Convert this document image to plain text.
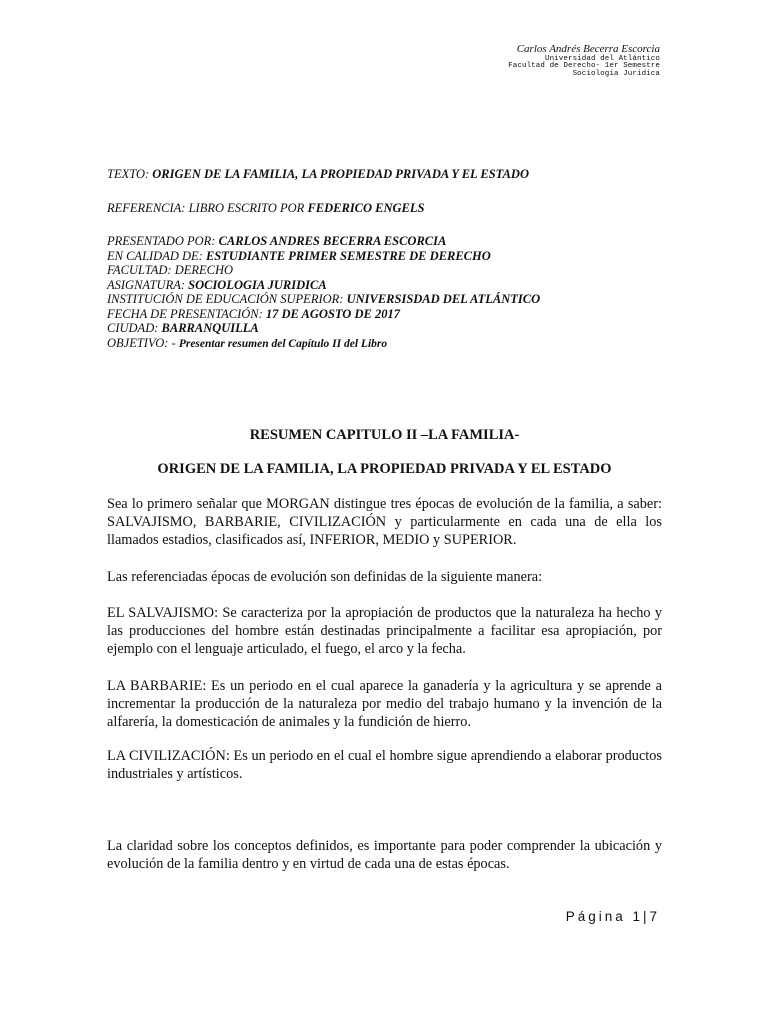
Carlos Andrés Becerra Escorcia
Universidad del Atlántico
Facultad de Derecho- 1er Semestre
Sociologia Juridica
TEXTO: ORIGEN DE LA FAMILIA, LA PROPIEDAD PRIVADA Y EL ESTADO
REFERENCIA: LIBRO ESCRITO POR FEDERICO ENGELS
PRESENTADO POR: CARLOS ANDRES BECERRA ESCORCIA
EN CALIDAD DE: ESTUDIANTE PRIMER SEMESTRE DE DERECHO
FACULTAD: DERECHO
ASIGNATURA: SOCIOLOGIA JURIDICA
INSTITUCIÓN DE EDUCACIÓN SUPERIOR: UNIVERSISDAD DEL ATLÁNTICO
FECHA DE PRESENTACIÓN: 17 DE AGOSTO DE 2017
CIUDAD: BARRANQUILLA
OBJETIVO: - Presentar resumen del Capítulo II del Libro
RESUMEN CAPITULO II –LA FAMILIA-
ORIGEN DE LA FAMILIA, LA PROPIEDAD PRIVADA Y EL ESTADO
Sea lo primero señalar que MORGAN distingue tres épocas de evolución de la familia, a saber: SALVAJISMO, BARBARIE, CIVILIZACIÓN y particularmente en cada una de ella los llamados estadios, clasificados así, INFERIOR, MEDIO y SUPERIOR.
Las referenciadas épocas de evolución son definidas de la siguiente manera:
EL SALVAJISMO: Se caracteriza por la apropiación de productos que la naturaleza ha hecho y las producciones del hombre están destinadas principalmente a facilitar esa apropiación, por ejemplo con el lenguaje articulado, el fuego, el arco y la fecha.
LA BARBARIE: Es un periodo en el cual aparece la ganadería y la agricultura y se aprende a incrementar la producción de la naturaleza por medio del trabajo humano y la invención de la alfarería, la domesticación de animales y la fundición de hierro.
LA CIVILIZACIÓN: Es un periodo en el cual el hombre sigue aprendiendo a elaborar productos industriales y artísticos.
La claridad sobre los conceptos definidos, es importante para poder comprender la ubicación y evolución de la familia dentro y en virtud de cada una de estas épocas.
Página 1|7
